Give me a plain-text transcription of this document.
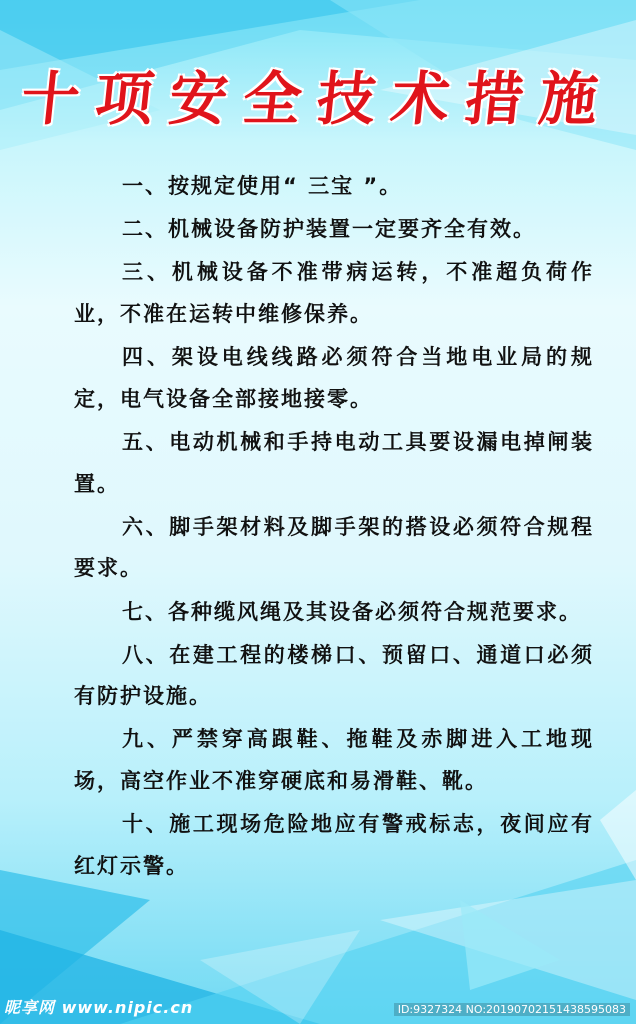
十项安全技术措施

一、按规定使用“ 三宝 ”。

二、机械设备防护装置一定要齐全有效。

三、机械设备不准带病运转，不准超负荷作业，不准在运转中维修保养。

四、架设电线线路必须符合当地电业局的规定，电气设备全部接地接零。

五、电动机械和手持电动工具要设漏电掉闸装置。

六、脚手架材料及脚手架的搭设必须符合规程要求。

七、各种缆风绳及其设备必须符合规范要求。

八、在建工程的楼梯口、预留口、通道口必须有防护设施。

九、严禁穿高跟鞋、拖鞋及赤脚进入工地现场，高空作业不准穿硬底和易滑鞋、靴。

十、施工现场危险地应有警戒标志，夜间应有红灯示警。

昵享网 www.nipic.cn	ID:9327324 NO:20190702151438595083
